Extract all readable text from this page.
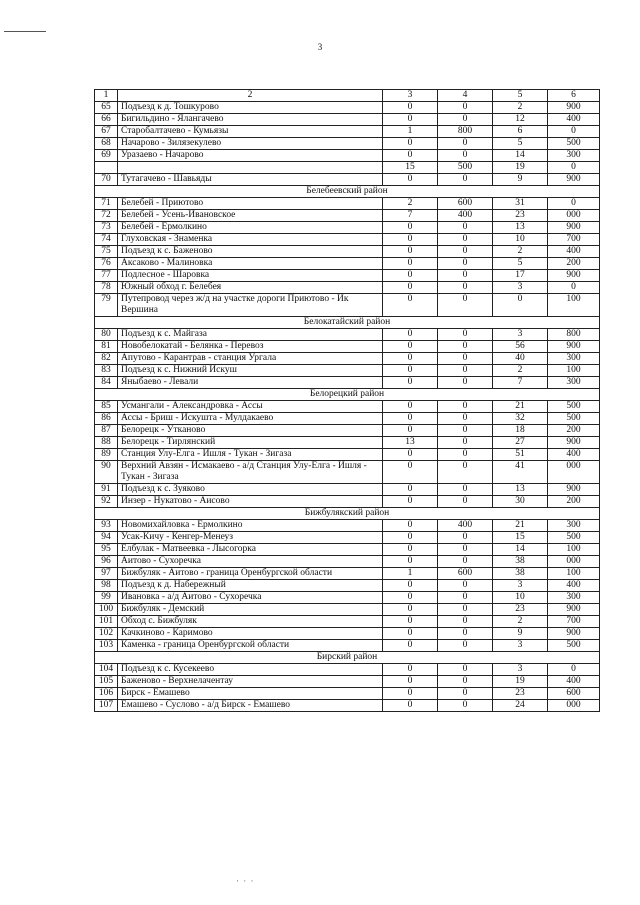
3
1	2	3	4	5	6
65	Подъезд к д. Тошкурово	0	0	2	900
66	Бигильдино - Ялангачево	0	0	12	400
67	Старобалтачево - Кумьязы	1	800	6	0
68	Начарово - Зилязекулево	0	0	5	500
69	Уразаево - Начарово	0	0	14	300
		15	500	19	0
70	Тутагачево - Шавьяды	0	0	9	900
Белебеевский район					
71	Белебей - Приютово	2	600	31	0
72	Белебей - Усень-Ивановское	7	400	23	000
73	Белебей - Ермолкино	0	0	13	900
74	Глуховская - Знаменка	0	0	10	700
75	Подъезд к с. Баженово	0	0	2	400
76	Аксаково - Малиновка	0	0	5	200
77	Подлесное - Шаровка	0	0	17	900
78	Южный обход г. Белебея	0	0	3	0
79	Путепровод через ж/д на участке дороги Приютово - Ик Вершина	0	0	0	100
Белокатайский район					
80	Подъезд к с. Майгаза	0	0	3	800
81	Новобелокатай - Белянка - Перевоз	0	0	56	900
82	Апутово - Карантрав - станция Ургала	0	0	40	300
83	Подъезд к с. Нижний Искуш	0	0	2	100
84	Яныбаево - Левали	0	0	7	300
Белорецкий район					
85	Усмангали - Александровка - Ассы	0	0	21	500
86	Ассы - Бриш - Искушта - Мулдакаево	0	0	32	500
87	Белорецк - Утканово	0	0	18	200
88	Белорецк - Тирлянский	13	0	27	900
89	Станция Улу-Елга - Ишля - Тукан - Зигаза	0	0	51	400
90	Верхний Авзян - Исмакаево - а/д Станция Улу-Елга - Ишля - Тукан - Зигаза	0	0	41	000
91	Подъезд к с. Зуяково	0	0	13	900
92	Инзер - Нукатово - Аисово	0	0	30	200
Бижбулякский район					
93	Новомихайловка - Ермолкино	0	400	21	300
94	Усак-Кичу - Кенгер-Менеуз	0	0	15	500
95	Елбулак - Матвеевка - Лысогорка	0	0	14	100
96	Аитово - Сухоречка	0	0	38	000
97	Бижбуляк - Аитово - граница Оренбургской области	1	600	38	100
98	Подъезд к д. Набережный	0	0	3	400
99	Ивановка - а/д Аитово - Сухоречка	0	0	10	300
100	Бижбуляк - Демский	0	0	23	900
101	Обход с. Бижбуляк	0	0	2	700
102	Качкиново - Каримово	0	0	9	900
103	Каменка - граница Оренбургской области	0	0	3	500
Бирский район					
104	Подъезд к с. Кусекеево	0	0	3	0
105	Баженово - Верхнелачентау	0	0	19	400
106	Бирск - Емашево	0	0	23	600
107	Емашево - Суслово - а/д Бирск - Емашево	0	0	24	000
· · ·
